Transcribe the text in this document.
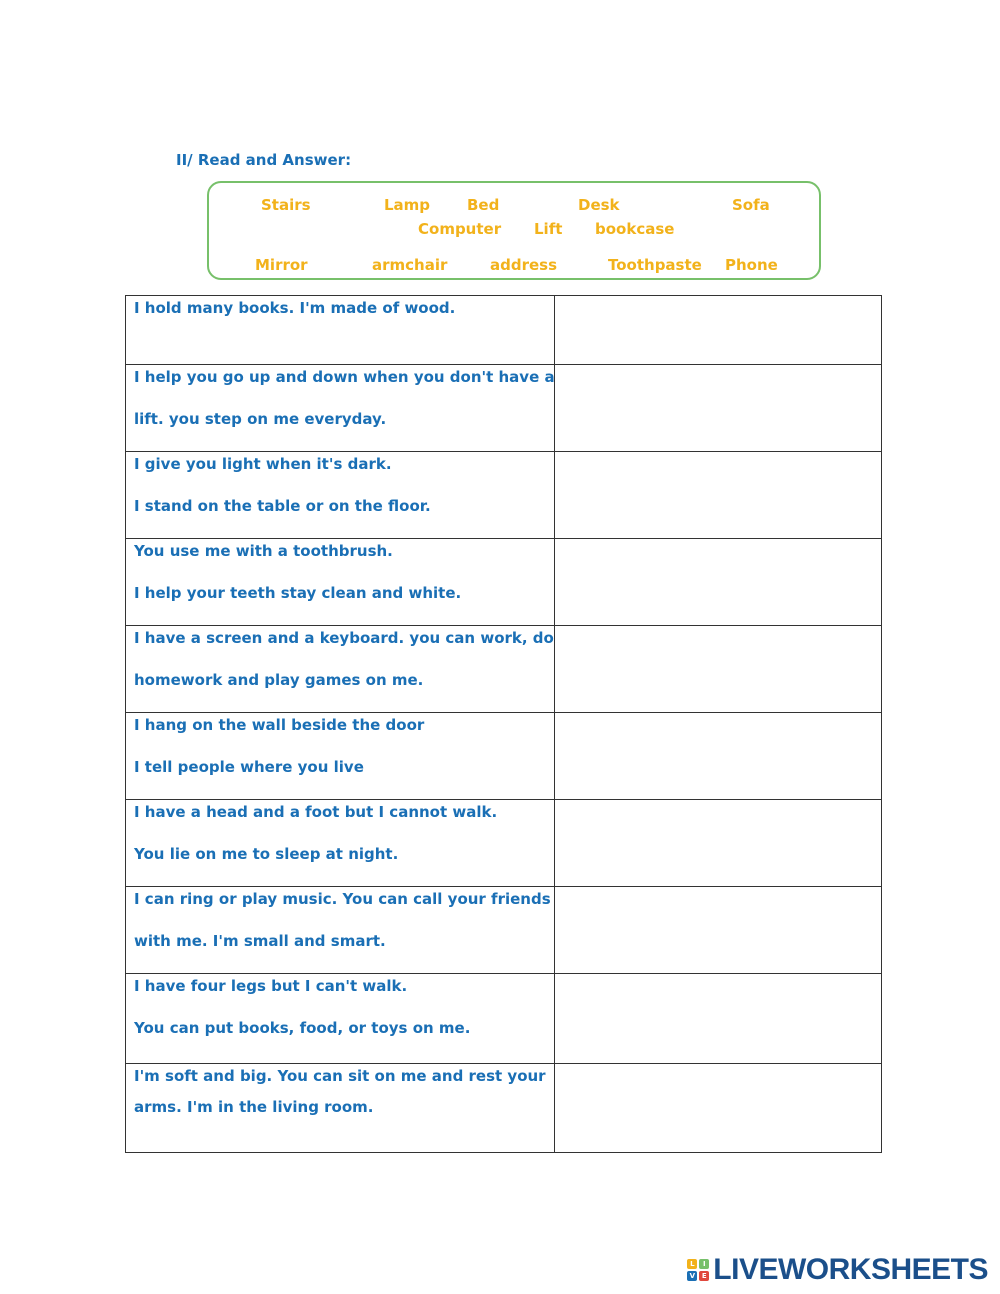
II/ Read and Answer:
Stairs	Lamp Bed	Desk	Sofa
Computer Lift bookcase
Mirror	armchair	address	Toothpaste Phone
I hold many books. I'm made of wood.	

I help you go up and down when you don't have a
lift. you step on me everyday.	

I give you light when it's dark.
I stand on the table or on the floor.	

You use me with a toothbrush.
I help your teeth stay clean and white.	

I have a screen and a keyboard. you can work, do
homework and play games on me.	

I hang on the wall beside the door
I tell people where you live	

I have a head and a foot but I cannot walk.
You lie on me to sleep at night.	

I can ring or play music. You can call your friends
with me. I'm small and smart.	

I have four legs but I can't walk.
You can put books, food, or toys on me.	

I'm soft and big. You can sit on me and rest your
arms. I'm in the living room.	

L	I
V E LIVEWORKSHEETS
